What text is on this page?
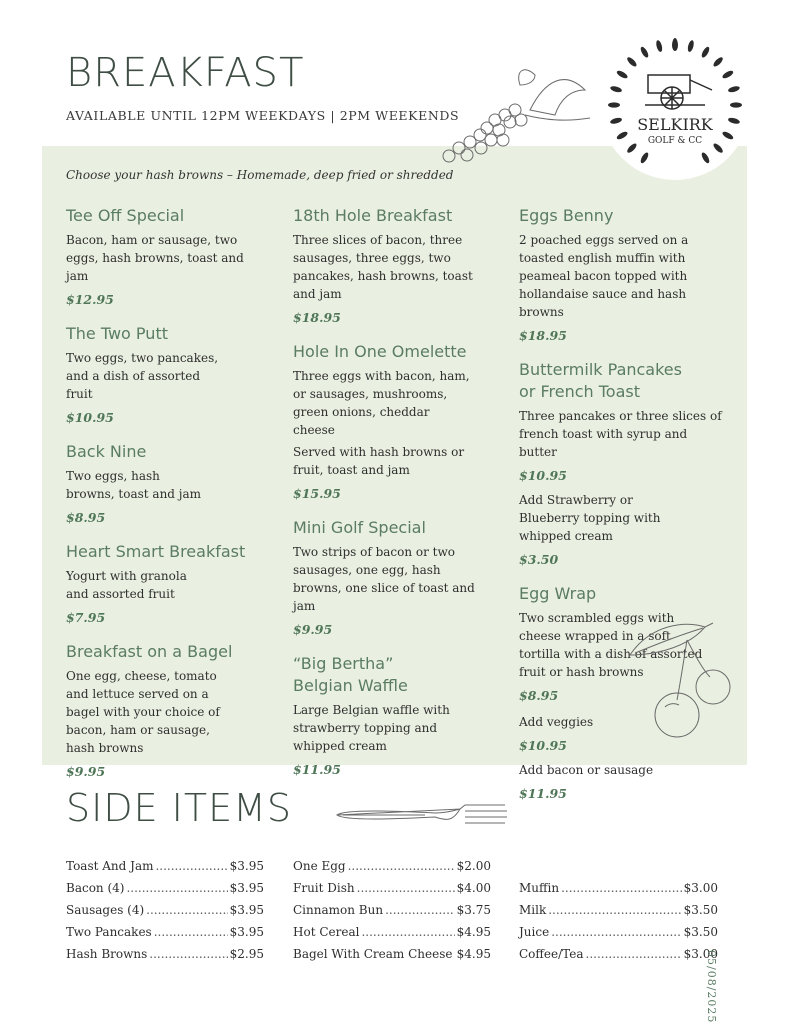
BREAKFAST
AVAILABLE UNTIL 12PM WEEKDAYS | 2PM WEEKENDS	SELKIRK
GOLF & CC
Choose your hash browns – Homemade, deep fried or shredded
Tee Off Special
Bacon, ham or sausage, two eggs, hash browns, toast and jam
$12.95
The Two Putt
Two eggs, two pancakes, and a dish of assorted fruit
$10.95
Back Nine
Two eggs, hash browns, toast and jam
$8.95
Heart Smart Breakfast
Yogurt with granola and assorted fruit
$7.95
Breakfast on a Bagel
One egg, cheese, tomato and lettuce served on a bagel with your choice of bacon, ham or sausage, hash browns
$9.95
18th Hole Breakfast
Three slices of bacon, three sausages, three eggs, two pancakes, hash browns, toast and jam
$18.95
Hole In One Omelette
Three eggs with bacon, ham, or sausages, mushrooms, green onions, cheddar cheese
Served with hash browns or fruit, toast and jam
$15.95
Mini Golf Special
Two strips of bacon or two sausages, one egg, hash browns, one slice of toast and jam
$9.95
“Big Bertha” Belgian Waffle
Large Belgian waffle with strawberry topping and whipped cream
$11.95
Eggs Benny
2 poached eggs served on a toasted english muffin with peameal bacon topped with hollandaise sauce and hash browns
$18.95
Buttermilk Pancakes or French Toast
Three pancakes or three slices of french toast with syrup and butter
$10.95
Add Strawberry or Blueberry topping with whipped cream
$3.50
Egg Wrap
Two scrambled eggs with cheese wrapped in a soft tortilla with a dish of assorted fruit or hash browns
$8.95
Add veggies
$10.95
Add bacon or sausage
$11.95
SIDE ITEMS
Toast And Jam .....	$3.95
Bacon (4) .....	$3.95
Sausages (4) .....	$3.95
Two Pancakes .....	$3.95
Hash Browns .....	$2.95
One Egg .....	$2.00
Fruit Dish .....	$4.00
Cinnamon Bun .....	$3.75
Hot Cereal .....	$4.95
Bagel With Cream Cheese ..... $4.95
Muffin .....	$3.00
Milk .....	$3.50
Juice .....	$3.50
Coffee/Tea .....	$3.00
05/08/2025
